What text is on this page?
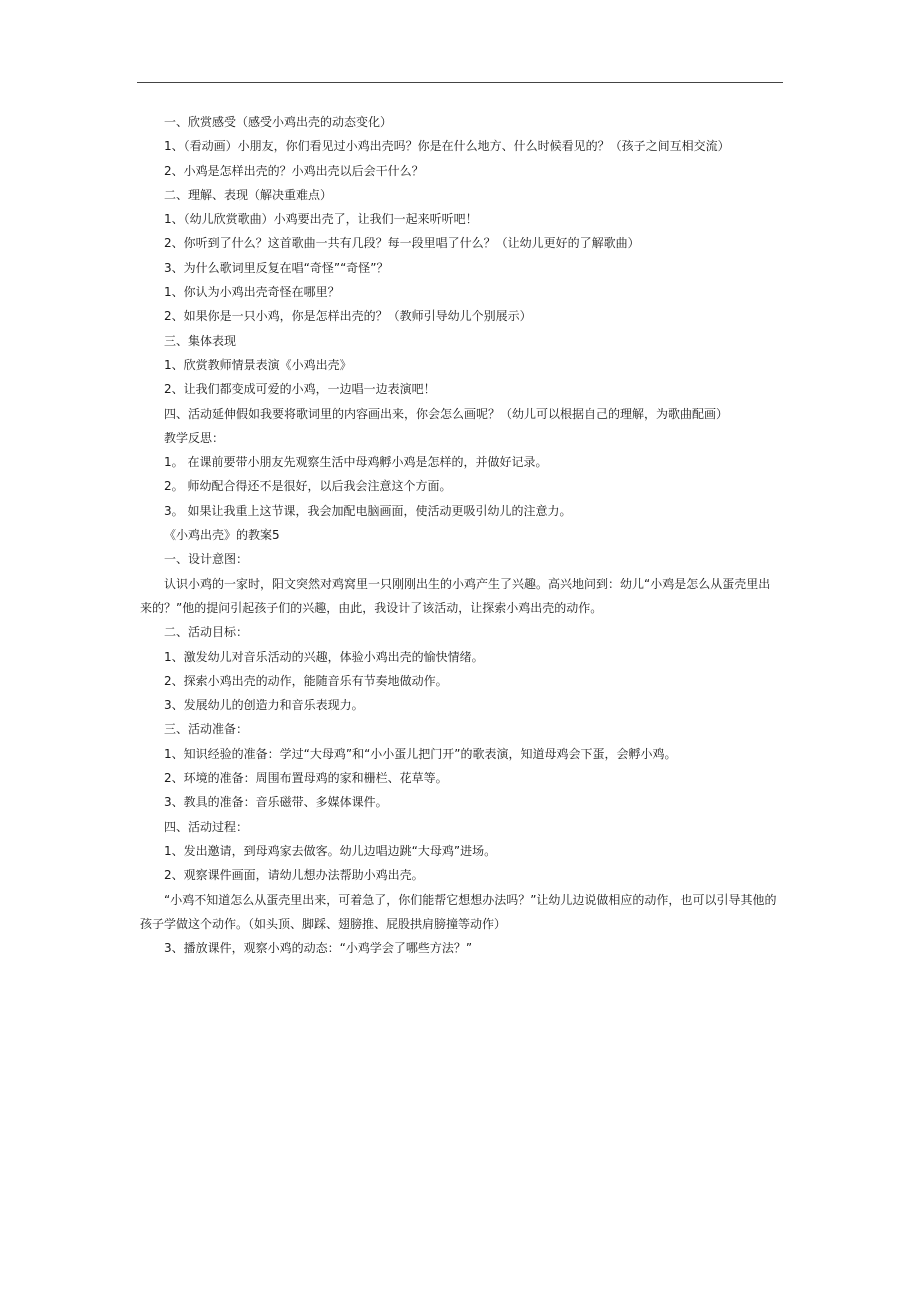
一、欣赏感受（感受小鸡出壳的动态变化）

1、（看动画）小朋友，你们看见过小鸡出壳吗？你是在什么地方、什么时候看见的？（孩子之间互相交流）

2、小鸡是怎样出壳的？小鸡出壳以后会干什么？

二、理解、表现（解决重难点）

1、（幼儿欣赏歌曲）小鸡要出壳了，让我们一起来听听吧！

2、你听到了什么？这首歌曲一共有几段？每一段里唱了什么？（让幼儿更好的了解歌曲）

3、为什么歌词里反复在唱“奇怪”“奇怪”？

1、你认为小鸡出壳奇怪在哪里？

2、如果你是一只小鸡，你是怎样出壳的？（教师引导幼儿个别展示）

三、集体表现

1、欣赏教师情景表演《小鸡出壳》

2、让我们都变成可爱的小鸡，一边唱一边表演吧！

四、活动延伸假如我要将歌词里的内容画出来，你会怎么画呢？（幼儿可以根据自己的理解，为歌曲配画）

教学反思：

1。 在课前要带小朋友先观察生活中母鸡孵小鸡是怎样的，并做好记录。

2。 师幼配合得还不是很好，以后我会注意这个方面。

3。 如果让我重上这节课，我会加配电脑画面，使活动更吸引幼儿的注意力。

《小鸡出壳》的教案5

一、设计意图：

认识小鸡的一家时，阳文突然对鸡窝里一只刚刚出生的小鸡产生了兴趣。高兴地问到：幼儿“小鸡是怎么从蛋壳里出来的？”他的提问引起孩子们的兴趣，由此，我设计了该活动，让探索小鸡出壳的动作。

二、活动目标：

1、激发幼儿对音乐活动的兴趣，体验小鸡出壳的愉快情绪。

2、探索小鸡出壳的动作，能随音乐有节奏地做动作。

3、发展幼儿的创造力和音乐表现力。

三、活动准备：

1、知识经验的准备：学过“大母鸡”和“小小蛋儿把门开”的歌表演，知道母鸡会下蛋，会孵小鸡。

2、环境的准备：周围布置母鸡的家和栅栏、花草等。

3、教具的准备：音乐磁带、多媒体课件。

四、活动过程：

1、发出邀请，到母鸡家去做客。幼儿边唱边跳“大母鸡”进场。

2、观察课件画面，请幼儿想办法帮助小鸡出壳。

“小鸡不知道怎么从蛋壳里出来，可着急了，你们能帮它想想办法吗？”让幼儿边说做相应的动作，也可以引导其他的孩子学做这个动作。（如头顶、脚踩、翅膀推、屁股拱肩膀撞等动作）

3、播放课件，观察小鸡的动态：“小鸡学会了哪些方法？”
